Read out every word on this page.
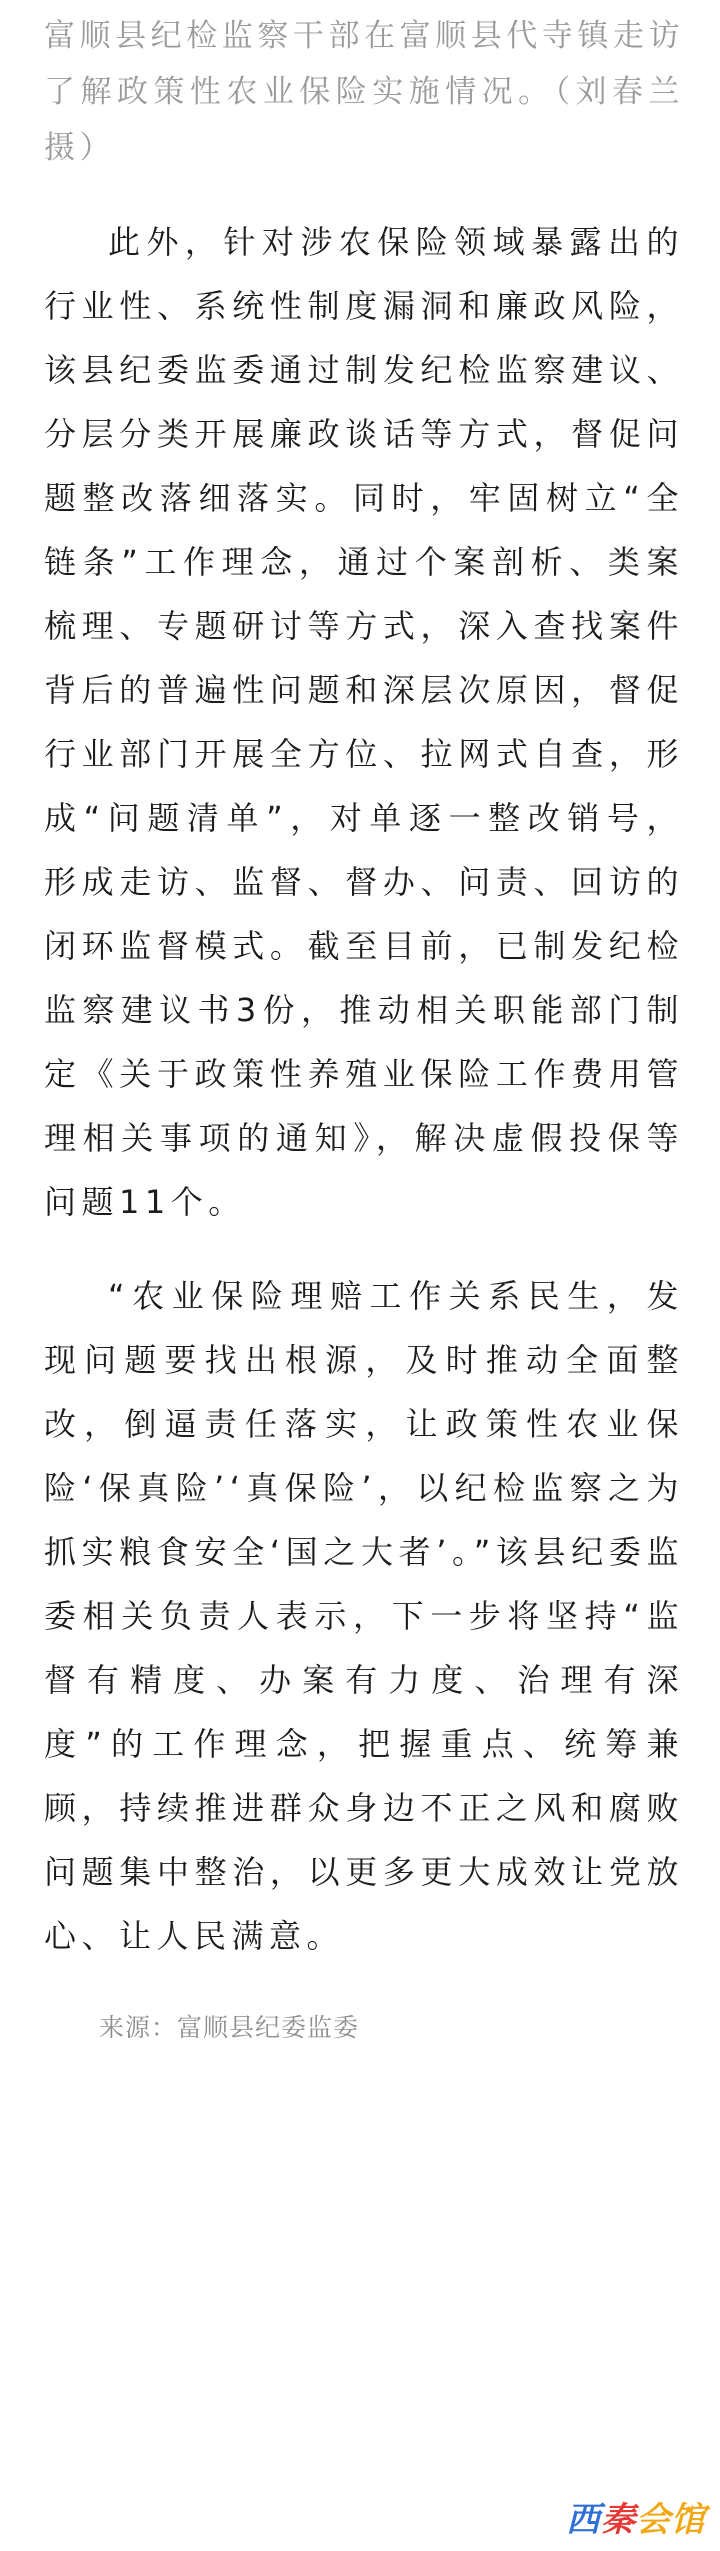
富顺县纪检监察干部在富顺县代寺镇走访了解政策性农业保险实施情况。（刘春兰 摄）

此外，针对涉农保险领域暴露出的行业性、系统性制度漏洞和廉政风险，该县纪委监委通过制发纪检监察建议、分层分类开展廉政谈话等方式，督促问题整改落细落实。同时，牢固树立“全链条”工作理念，通过个案剖析、类案梳理、专题研讨等方式，深入查找案件背后的普遍性问题和深层次原因，督促行业部门开展全方位、拉网式自查，形成“问题清单”，对单逐一整改销号，形成走访、监督、督办、问责、回访的闭环监督模式。截至目前，已制发纪检监察建议书3份，推动相关职能部门制定《关于政策性养殖业保险工作费用管理相关事项的通知》，解决虚假投保等问题11个。

“农业保险理赔工作关系民生，发现问题要找出根源，及时推动全面整改，倒逼责任落实，让政策性农业保险‘保真险’‘真保险’，以纪检监察之为抓实粮食安全‘国之大者’。”该县纪委监委相关负责人表示，下一步将坚持“监督有精度、办案有力度、治理有深度”的工作理念，把握重点、统筹兼顾，持续推进群众身边不正之风和腐败问题集中整治，以更多更大成效让党放心、让人民满意。

来源：富顺县纪委监委

西秦会馆
